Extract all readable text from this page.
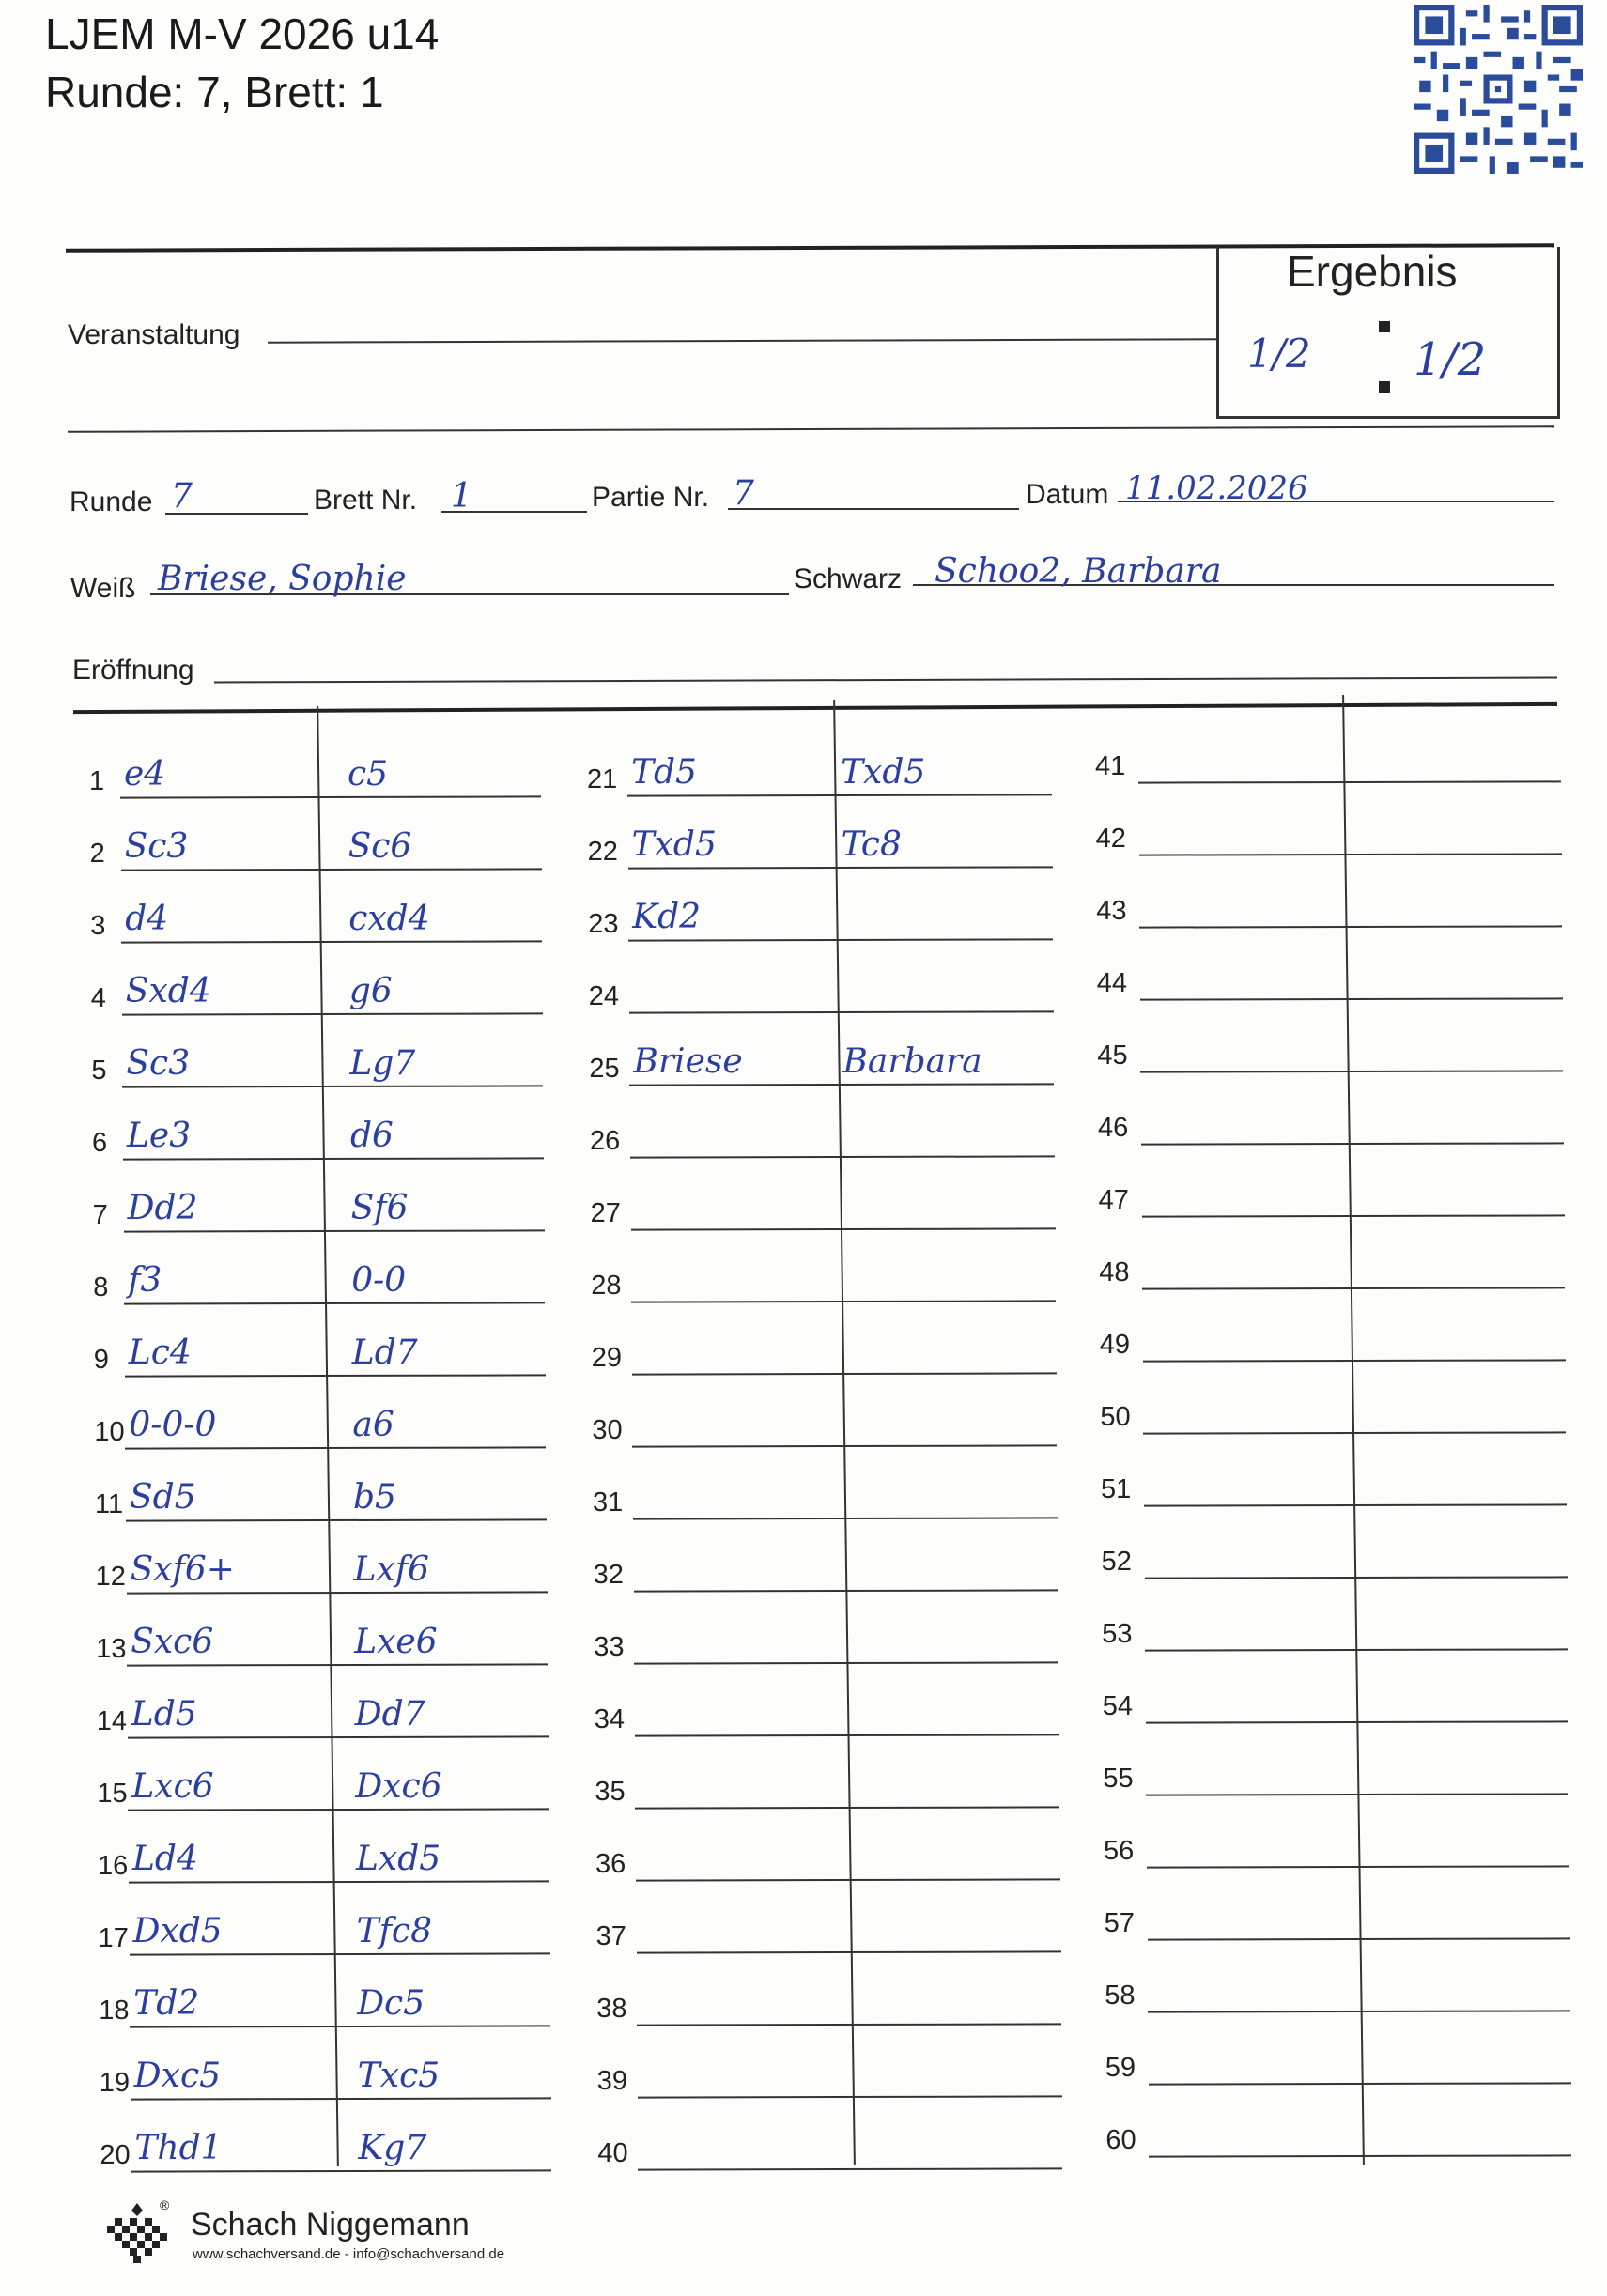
LJEM M-V 2026 u14
Runde: 7, Brett: 1
Ergebnis
1/2 1/2
Veranstaltung
Runde 7	Brett Nr. 1	Partie Nr. 7	Datum 11.02.2026
Weiß Briese, Sophie	Schwarz Schoo2, Barbara
Eröffnung
1 e4	c5
2 Sc3	Sc6
3 d4	cxd4
4 Sxd4	g6
5 Sc3	Lg7
6 Le3	d6
7 Dd2	Sf6
8 f3	0-0
9 Lc4	Ld7
10 0-0-0	a6
11 Sd5	b5
12 Sxf6+	Lxf6
13 Sxc6	Lxe6
14 Ld5	Dd7
15 Lxc6	Dxc6
16 Ld4	Lxd5
17 Dxd5	Tfc8
18 Td2	Dc5
19 Dxc5	Txc5
20 Thd1	Kg7
21 Td5	Txd5
22 Txd5	Tc8
23 Kd2
24
25 Briese	Barbara
26
27
28
29
30
31
32
33
34
35
36
37
38
39
40
41
42
43
44
45
46
47
48
49
50
51
52
53
54
55
56
57
58
59
60
®
Schach Niggemann
www.schachversand.de - info@schachversand.de
